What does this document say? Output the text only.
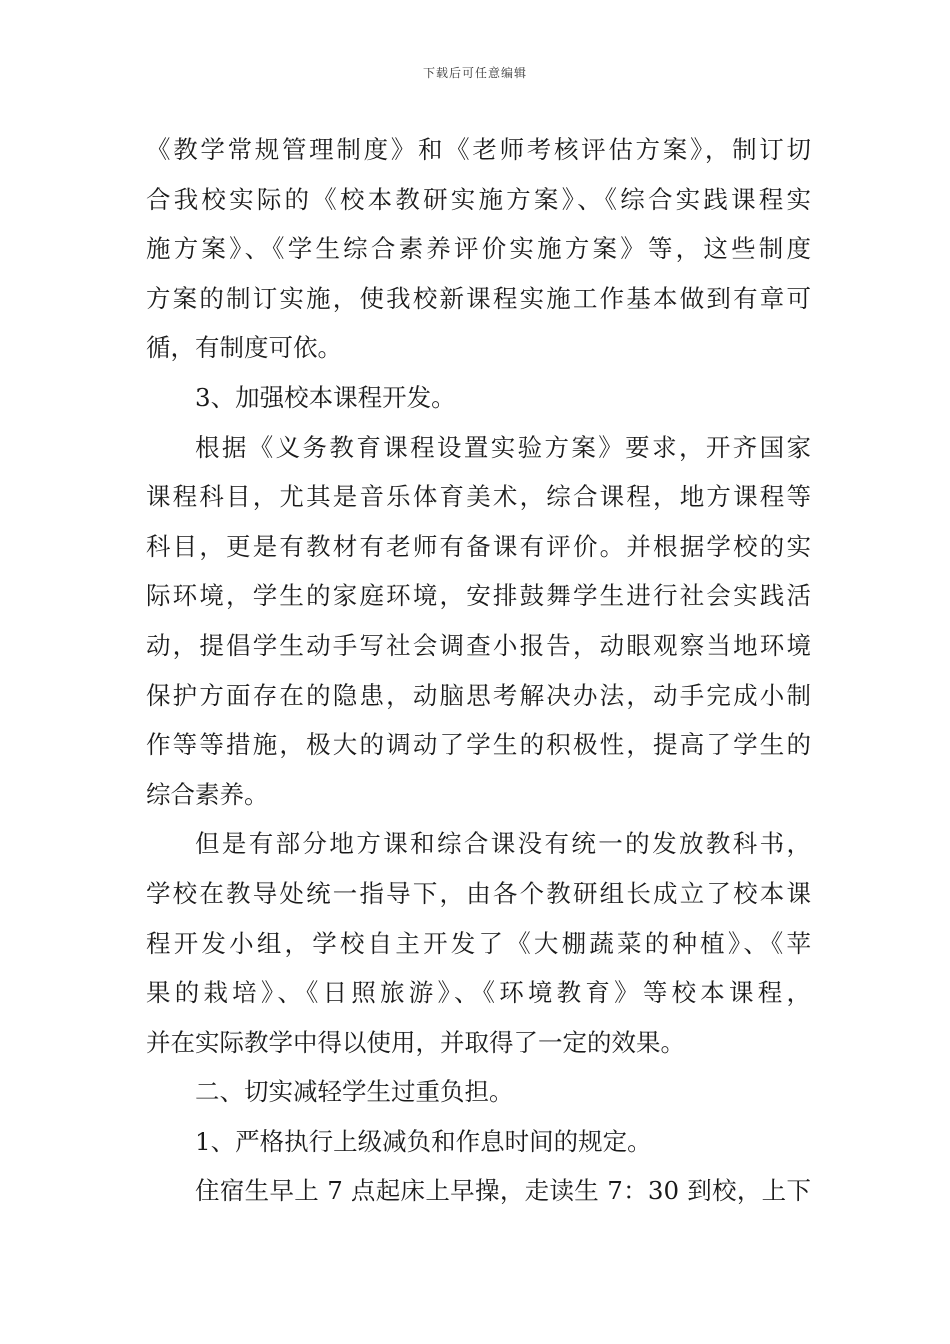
下载后可任意编辑
《教学常规管理制度》和《老师考核评估方案》，制订切
合我校实际的《校本教研实施方案》、《综合实践课程实
施方案》、《学生综合素养评价实施方案》等，这些制度
方案的制订实施，使我校新课程实施工作基本做到有章可
循，有制度可依。
3、加强校本课程开发。
根据《义务教育课程设置实验方案》要求，开齐国家
课程科目，尤其是音乐体育美术，综合课程，地方课程等
科目，更是有教材有老师有备课有评价。并根据学校的实
际环境，学生的家庭环境，安排鼓舞学生进行社会实践活
动，提倡学生动手写社会调查小报告，动眼观察当地环境
保护方面存在的隐患，动脑思考解决办法，动手完成小制
作等等措施，极大的调动了学生的积极性，提高了学生的
综合素养。
但是有部分地方课和综合课没有统一的发放教科书，
学校在教导处统一指导下，由各个教研组长成立了校本课
程开发小组，学校自主开发了《大棚蔬菜的种植》、《苹
果的栽培》、《日照旅游》、《环境教育》等校本课程，
并在实际教学中得以使用，并取得了一定的效果。
二、切实减轻学生过重负担。
1、严格执行上级减负和作息时间的规定。
住宿生早上 7 点起床上早操，走读生 7：30 到校，上下
